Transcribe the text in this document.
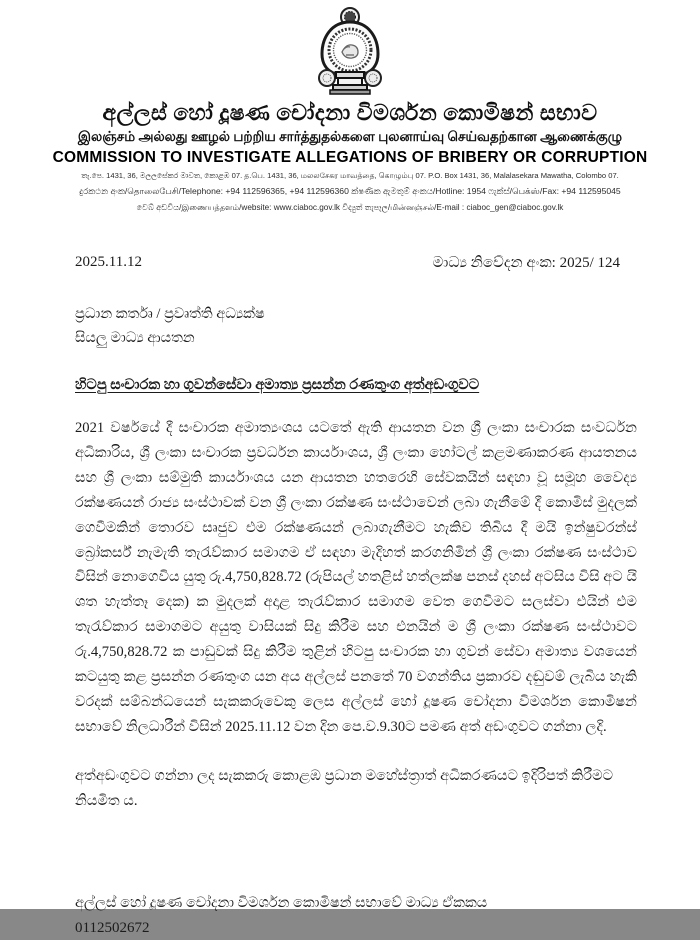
අල්ලස් හෝ දූෂණ චෝදනා විමර්ශන කොමිෂන් සභාව
இலஞ்சம் அல்லது ஊழல் பற்றிய சார்த்துதல்களை புலனாய்வு செய்வதற்கான ஆணைக்குழு
COMMISSION TO INVESTIGATE ALLEGATIONS OF BRIBERY OR CORRUPTION
තැ.පෙ. 1431, 36, මලලසේකර මාවත, කොළඹ 07. த.பெ. 1431, 36, மலலசேகர மாவத்தை, கொழும்பு 07. P.O. Box 1431, 36, Malalasekara Mawatha, Colombo 07.
දුරකථන අංක/தொலைபேசி/Telephone: +94 112596365, +94 112596360 ක්ෂණික ඇමතුම් අංකය/Hotline: 1954 ෆැක්ස්/பெக்ஸ்/Fax: +94 112595045
වෙබ් අඩවිය/இணையத்தளம்/website: www.ciaboc.gov.lk විද්‍යුත් තැපෑල/மின்னஞ்சல்/E-mail : ciaboc_gen@ciaboc.gov.lk
2025.11.12	මාධ්‍ය නිවේදන අංක: 2025/ 124
ප්‍රධාන කර්තෘ / ප්‍රවෘත්ති අධ්‍යක්ෂ
සියලු මාධ්‍ය ආයතන
හිටපු සංචාරක හා ගුවන්සේවා අමාත්‍ය ප්‍රසන්න රණතුංග අත්අඩංගුවට
2021 වර්ෂයේ දී සංචාරක අමාත්‍යංශය යටතේ ඇති ආයතන වන ශ්‍රී ලංකා සංචාරක සංවර්ධන අධිකාරිය, ශ්‍රී ලංකා සංචාරක ප්‍රවර්ධන කාර්යාංශය, ශ්‍රී ලංකා හෝටල් කළමණාකරණ ආයතනය සහ ශ්‍රී ලංකා සම්මුති කාර්යාංශය යන ආයතන හතරෙහි සේවකයින් සඳහා වූ සමූහ වෛද්‍ය රක්ෂණයන් රාජ්‍ය සංස්ථාවක් වන ශ්‍රී ලංකා රක්ෂණ සංස්ථාවෙන් ලබා ගැනීමේ දී කොමිස් මුදලක් ගෙවීමකින් තොරව සෘජුව එම රක්ෂණයන් ලබාගැනීමට හැකිව තිබිය දී මයි ඉන්ෂුවරන්ස් බ්‍රෝකර්ස් නැමැති තැරැව්කාර සමාගම ඒ සඳහා මැදිහත් කරගනිමින් ශ්‍රී ලංකා රක්ෂණ සංස්ථාව විසින් නොගෙවිය යුතු රු.4,750,828.72 (රුපියල් හතළිස් හත්ලක්ෂ පනස් දහස් අටසිය විසි අට යි ශත හැත්තෑ දෙක) ක මුදලක් අදාළ තැරැව්කාර සමාගම වෙත ගෙවීමට සලස්වා එයින් එම තැරැව්කාර සමාගමට අයුතු වාසියක් සිදු කිරීම සහ එනයින් ම ශ්‍රී ලංකා රක්ෂණ සංස්ථාවට රු.4,750,828.72 ක පාඩුවක් සිදු කිරීම තුළින් හිටපු සංචාරක හා ගුවන් සේවා අමාත්‍ය වශයෙන් කටයුතු කළ ප්‍රසන්න රණතුංග යන අය අල්ලස් පනතේ 70 වගන්තිය ප්‍රකාරව දඬුවම් ලැබිය හැකි වරදක් සම්බන්ධයෙන් සැකකරුවෙකු ලෙස අල්ලස් හෝ දූෂණ චෝදනා විමර්ශන කොමිෂන් සභාවේ නිලධාරීන් විසින් 2025.11.12 වන දින පෙ.ව.9.30ට පමණ අත් අඩංගුවට ගන්නා ලදි.
අත්අඩංගුවට ගන්නා ලද සැකකරු කොළඹ ප්‍රධාන මහේස්ත්‍රාත් අධිකරණයට ඉදිරිපත් කිරීමට නියමිත ය.
අල්ලස් හෝ දූෂණ චෝදනා විමර්ශන කොමිෂන් සභාවේ මාධ්‍ය ඒකකය
0112502672
